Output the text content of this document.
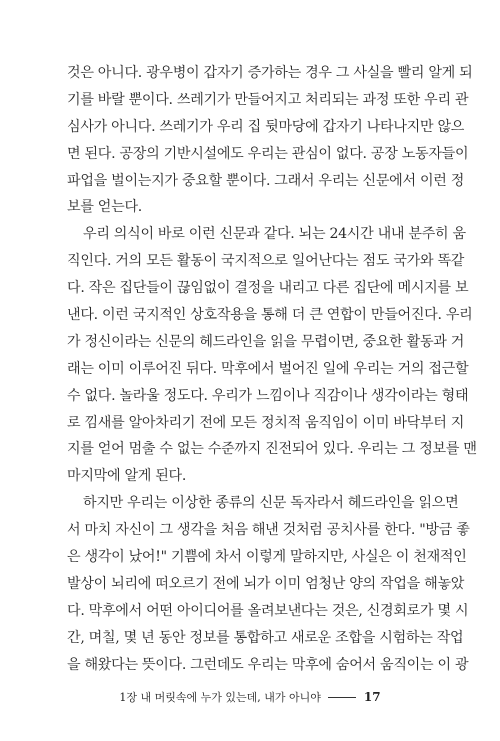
것은 아니다. 광우병이 갑자기 증가하는 경우 그 사실을 빨리 알게 되
기를 바랄 뿐이다. 쓰레기가 만들어지고 처리되는 과정 또한 우리 관
심사가 아니다. 쓰레기가 우리 집 뒷마당에 갑자기 나타나지만 않으
면 된다. 공장의 기반시설에도 우리는 관심이 없다. 공장 노동자들이
파업을 벌이는지가 중요할 뿐이다. 그래서 우리는 신문에서 이런 정
보를 얻는다.
우리 의식이 바로 이런 신문과 같다. 뇌는 24시간 내내 분주히 움
직인다. 거의 모든 활동이 국지적으로 일어난다는 점도 국가와 똑같
다. 작은 집단들이 끊임없이 결정을 내리고 다른 집단에 메시지를 보
낸다. 이런 국지적인 상호작용을 통해 더 큰 연합이 만들어진다. 우리
가 정신이라는 신문의 헤드라인을 읽을 무렵이면, 중요한 활동과 거
래는 이미 이루어진 뒤다. 막후에서 벌어진 일에 우리는 거의 접근할
수 없다. 놀라울 정도다. 우리가 느낌이나 직감이나 생각이라는 형태
로 낌새를 알아차리기 전에 모든 정치적 움직임이 이미 바닥부터 지
지를 얻어 멈출 수 없는 수준까지 진전되어 있다. 우리는 그 정보를 맨
마지막에 알게 된다.
하지만 우리는 이상한 종류의 신문 독자라서 헤드라인을 읽으면
서 마치 자신이 그 생각을 처음 해낸 것처럼 공치사를 한다. "방금 좋
은 생각이 났어!" 기쁨에 차서 이렇게 말하지만, 사실은 이 천재적인
발상이 뇌리에 떠오르기 전에 뇌가 이미 엄청난 양의 작업을 해놓았
다. 막후에서 어떤 아이디어를 올려보낸다는 것은, 신경회로가 몇 시
간, 며칠, 몇 년 동안 정보를 통합하고 새로운 조합을 시험하는 작업
을 해왔다는 뜻이다. 그런데도 우리는 막후에 숨어서 움직이는 이 광
1장 내 머릿속에 누가 있는데, 내가 아니야	17
